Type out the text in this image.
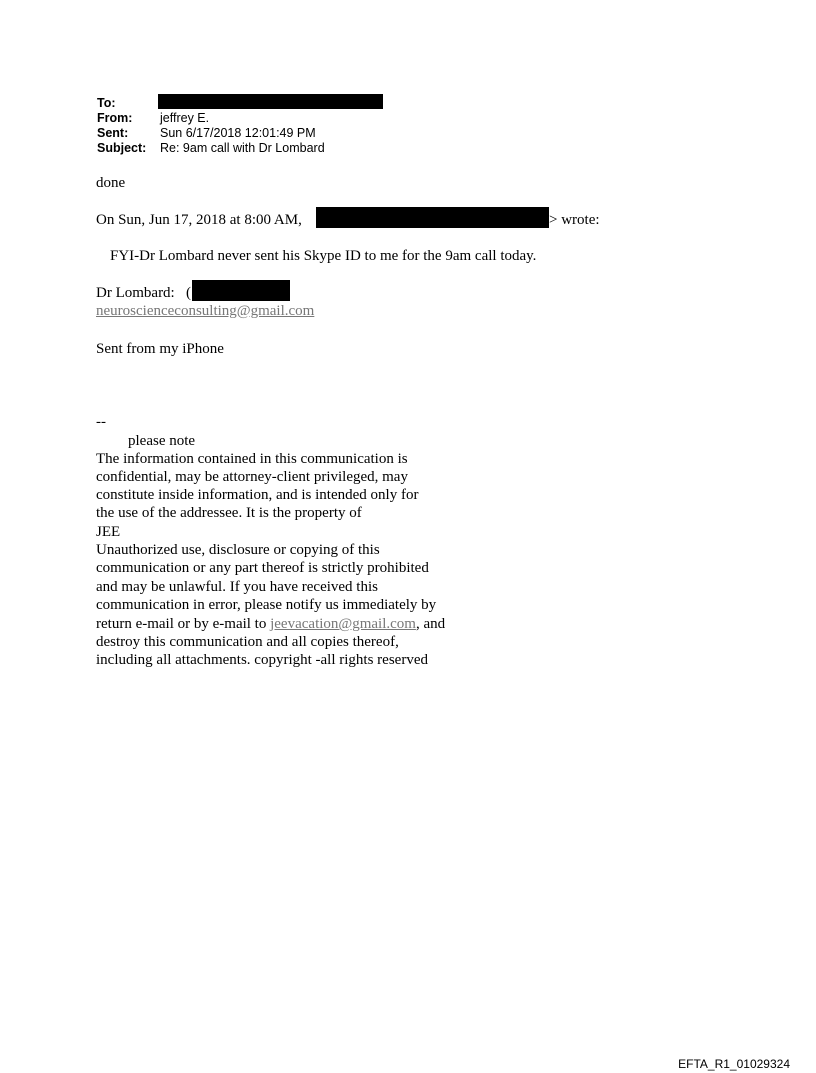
To:
From: jeffrey E.
Sent:	Sun 6/17/2018 12:01:49 PM
Subject: Re: 9am call with Dr Lombard
done
On Sun, Jun 17, 2018 at 8:00 AM,	> wrote:
FYI-Dr Lombard never sent his Skype ID to me for the 9am call today.
Dr Lombard: (
neuroscienceconsulting@gmail.com
Sent from my iPhone
--
please note
The information contained in this communication is
confidential, may be attorney-client privileged, may
constitute inside information, and is intended only for
the use of the addressee. It is the property of
JEE
Unauthorized use, disclosure or copying of this
communication or any part thereof is strictly prohibited
and may be unlawful. If you have received this
communication in error, please notify us immediately by
return e-mail or by e-mail to jeevacation@gmail.com, and
destroy this communication and all copies thereof,
including all attachments. copyright -all rights reserved
EFTA_R1_01029324
